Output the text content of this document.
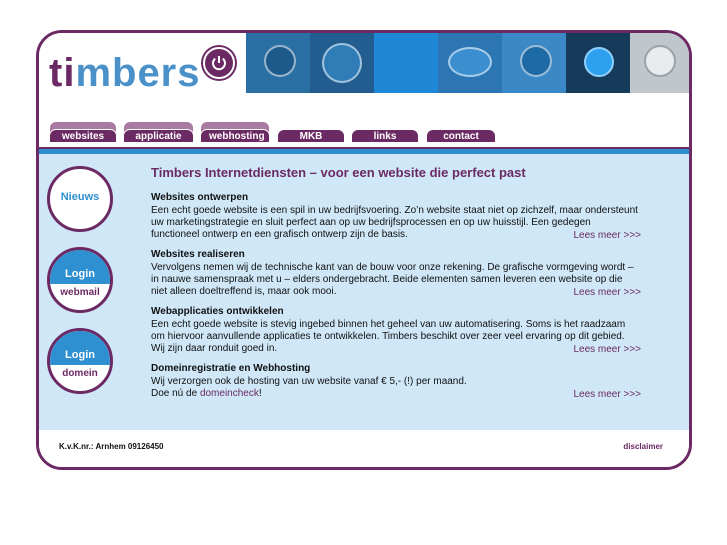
timbers
websites	applicatie	webhosting	MKB	links	contact
Nieuws
Login
webmail
Login
domein
Timbers Internetdiensten – voor een website die perfect past
Websites ontwerpen

Een echt goede website is een spil in uw bedrijfsvoering. Zo’n website staat niet op zichzelf, maar ondersteunt uw marketingstrategie en sluit perfect aan op uw bedrijfsprocessen en op uw huisstijl. Een gedegen functioneel ontwerp en een grafisch ontwerp zijn de basis.	Lees meer >>>
Websites realiseren

Vervolgens nemen wij de technische kant van de bouw voor onze rekening. De grafische vormgeving wordt – in nauwe samenspraak met u – elders ondergebracht. Beide elementen samen leveren een website op die niet alleen doeltreffend is, maar ook mooi.	Lees meer >>>
Webapplicaties ontwikkelen

Een echt goede website is stevig ingebed binnen het geheel van uw automatisering. Soms is het raadzaam om hiervoor aanvullende applicaties te ontwikkelen. Timbers beschikt over zeer veel ervaring op dit gebied. Wij zijn daar ronduit goed in.	Lees meer >>>
Domeinregistratie en Webhosting

Wij verzorgen ook de hosting van uw website vanaf € 5,- (!) per maand.
Doe nú de domeincheck!	Lees meer >>>
K.v.K.nr.: Arnhem 09126450	disclaimer
